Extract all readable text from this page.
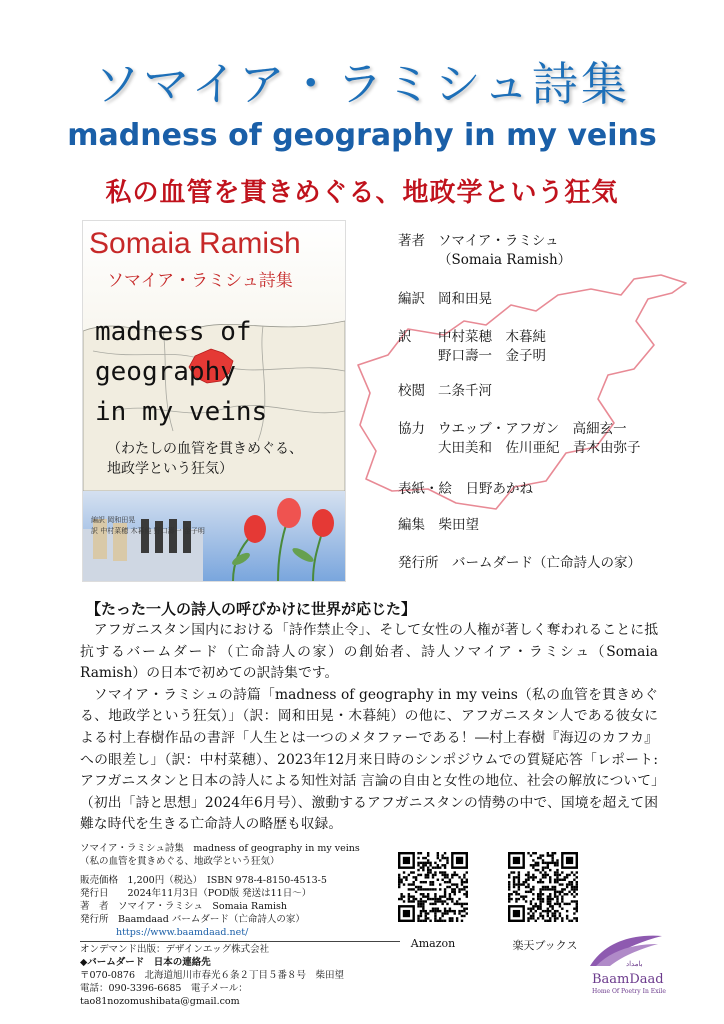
ソマイア・ラミシュ詩集
madness of geography in my veins
私の血管を貫きめぐる、地政学という狂気
Somaia Ramish
ソマイア・ラミシュ詩集
madness of
geography
in my veins
（わたしの血管を貫きめぐる、
地政学という狂気）
編訳 岡和田晃
訳 中村菜穂 木暮純 野口壽一 金子明
著者 ソマイア・ラミシュ
（Somaia Ramish）
編訳 岡和田晃
訳 中村菜穂　木暮純
野口壽一　金子明
校閲 二条千河
協力 ウエッブ・アフガン　高細玄一
大田美和　佐川亜紀　青木由弥子
表紙・絵　 日野あかね
編集　 柴田望
発行所　 バームダード（亡命詩人の家）
【たった一人の詩人の呼びかけに世界が応じた】

アフガニスタン国内における「詩作禁止令」、そして女性の人権が著しく奪われることに抵抗するバームダード（亡命詩人の家）の創始者、詩人ソマイア・ラミシュ（Somaia Ramish）の日本で初めての訳詩集です。

ソマイア・ラミシュの詩篇「madness of geography in my veins（私の血管を貫きめぐる、地政学という狂気）」（訳：岡和田晃・木暮純）の他に、アフガニスタン人である彼女による村上春樹作品の書評「人生とは一つのメタファーである！―村上春樹『海辺のカフカ』への眼差し」（訳：中村菜穂）、2023年12月来日時のシンポジウムでの質疑応答「レポート: アフガニスタンと日本の詩人による知性対話 言論の自由と女性の地位、社会の解放について」（初出「詩と思想」2024年6月号）、激動するアフガニスタンの情勢の中で、国境を超えて困難な時代を生きる亡命詩人の略歴も収録。

ソマイア・ラミシュ詩集　madness of geography in my veins
（私の血管を貫きめぐる、地政学という狂気）
販売価格　1,200円（税込）　ISBN 978-4-8150-4513-5
発行日　　2024年11月3日（POD版 発送は11日～）
著　者　ソマイア・ラミシュ　Somaia Ramish
発行所　Baamdaad バームダード（亡命詩人の家）
https://www.baamdaad.net/
オンデマンド出版：デザインエッグ株式会社
◆バームダード　日本の連絡先
〒070-0876　北海道旭川市春光６条２丁目５番８号　柴田望
電話：090-3396-6685　電子メール：tao81nozomushibata@gmail.com
Amazon	楽天ブックス
بامداد
BaamDaad
Home Of Poetry In Exile
